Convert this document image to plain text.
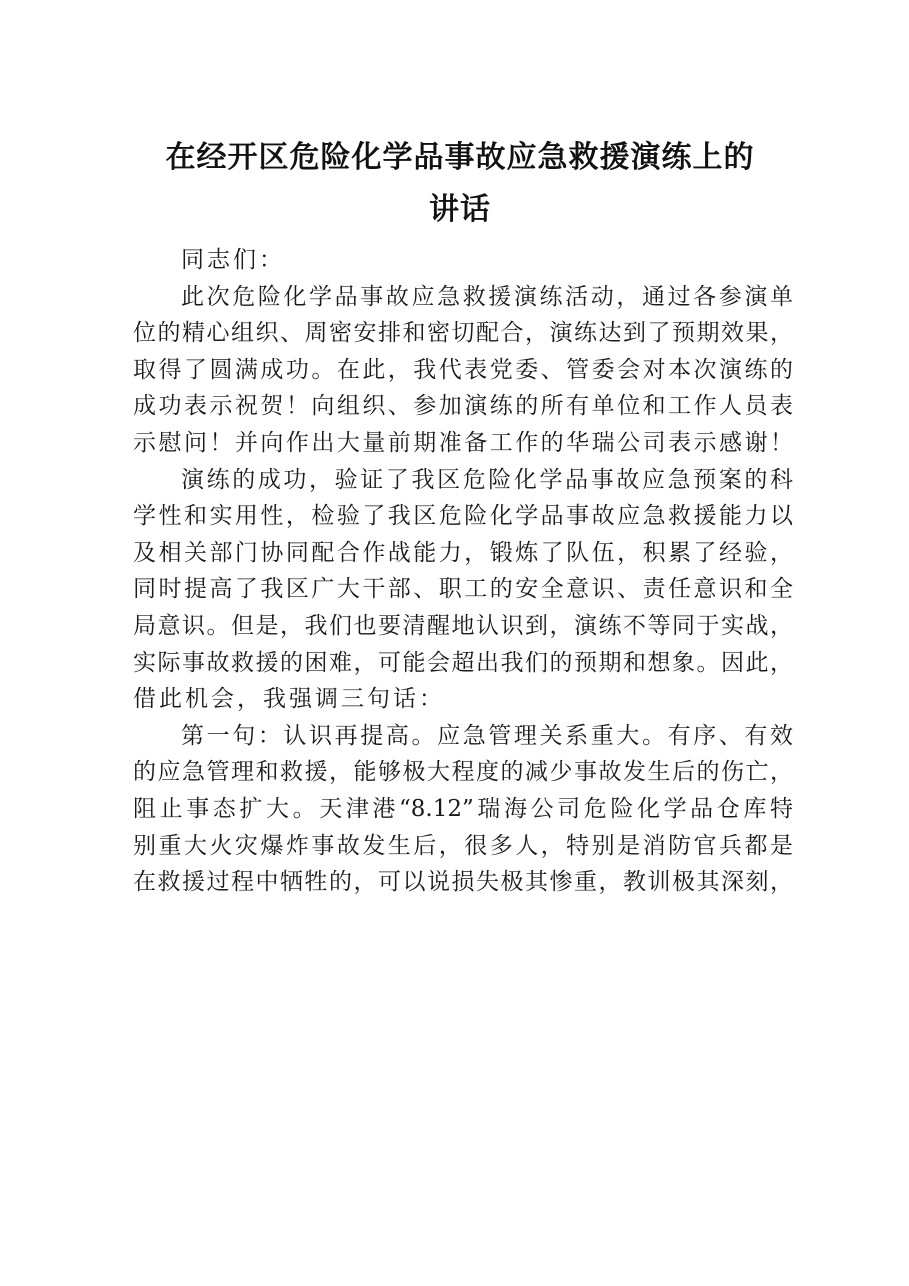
在经开区危险化学品事故应急救援演练上的
讲话
同志们：
此次危险化学品事故应急救援演练活动，通过各参演单
位的精心组织、周密安排和密切配合，演练达到了预期效果，
取得了圆满成功。在此，我代表党委、管委会对本次演练的
成功表示祝贺！向组织、参加演练的所有单位和工作人员表
示慰问！并向作出大量前期准备工作的华瑞公司表示感谢！
演练的成功，验证了我区危险化学品事故应急预案的科
学性和实用性，检验了我区危险化学品事故应急救援能力以
及相关部门协同配合作战能力，锻炼了队伍，积累了经验，
同时提高了我区广大干部、职工的安全意识、责任意识和全
局意识。但是，我们也要清醒地认识到，演练不等同于实战，
实际事故救援的困难，可能会超出我们的预期和想象。因此，
借此机会，我强调三句话：
第一句：认识再提高。应急管理关系重大。有序、有效
的应急管理和救援，能够极大程度的减少事故发生后的伤亡，
阻止事态扩大。天津港“8.12”瑞海公司危险化学品仓库特
别重大火灾爆炸事故发生后，很多人，特别是消防官兵都是
在救援过程中牺牲的，可以说损失极其惨重，教训极其深刻，
